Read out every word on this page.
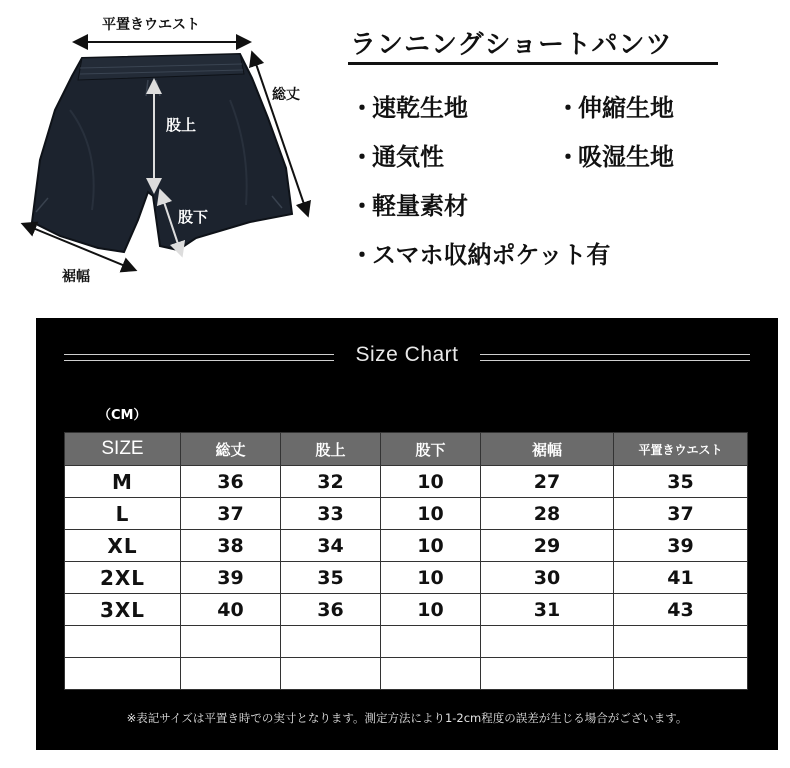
平置きウエスト
総丈
股上
股下
裾幅
ランニングショートパンツ
・速乾生地	・伸縮生地
・通気性	・吸湿生地
・軽量素材
・スマホ収納ポケット有
Size Chart
（CM）
SIZE	総丈	股上	股下	裾幅	平置きウエスト
M	36	32	10	27	35
L	37	33	10	28	37
XL	38	34	10	29	39
2XL	39	35	10	30	41
3XL	40	36	10	31	43

※表記サイズは平置き時での実寸となります。測定方法により1-2cm程度の誤差が生じる場合がございます。
